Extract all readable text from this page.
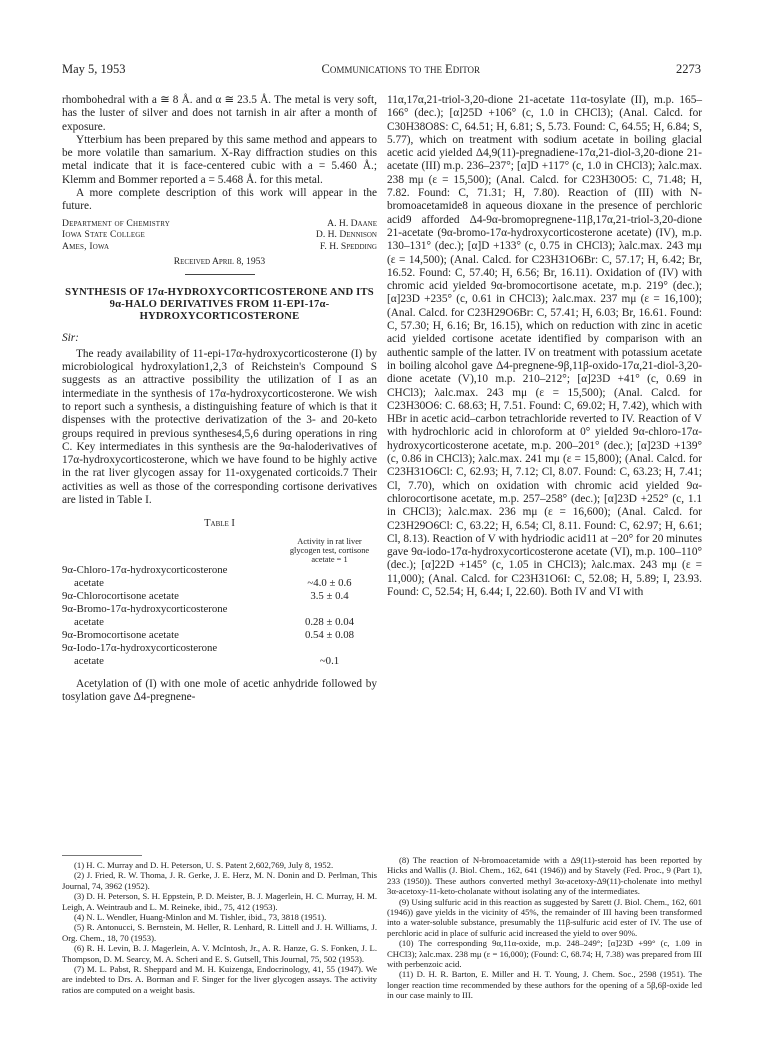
May 5, 1953	Communications to the Editor	2273

rhombohedral with a ≅ 8 Å. and α ≅ 23.5 Å. The metal is very soft, has the luster of silver and does not tarnish in air after a month of exposure.

Ytterbium has been prepared by this same method and appears to be more volatile than samarium. X-Ray diffraction studies on this metal indicate that it is face-centered cubic with a = 5.460 Å.; Klemm and Bommer reported a = 5.468 Å. for this metal.

A more complete description of this work will appear in the future.

Department of Chemistry
Iowa State College
Ames, Iowa
A. H. Daane
D. H. Dennison
F. H. Spedding
Received April 8, 1953
SYNTHESIS OF 17α-HYDROXYCORTICOSTERONE AND ITS 9α-HALO DERIVATIVES FROM 11-EPI-17α-HYDROXYCORTICOSTERONE
Sir:

The ready availability of 11-epi-17α-hydroxycorticosterone (I) by microbiological hydroxylation1,2,3 of Reichstein's Compound S suggests as an attractive possibility the utilization of I as an intermediate in the synthesis of 17α-hydroxycorticosterone. We wish to report such a synthesis, a distinguishing feature of which is that it dispenses with the protective derivatization of the 3- and 20-keto groups required in previous syntheses4,5,6 during operations in ring C. Key intermediates in this synthesis are the 9α-haloderivatives of 17α-hydroxycorticosterone, which we have found to be highly active in the rat liver glycogen assay for 11-oxygenated corticoids.7 Their activities as well as those of the corresponding cortisone derivatives are listed in Table I.

Table I
	Activity in rat liver glycogen test, cortisone acetate = 1
9α-Chloro-17α-hydroxycorticosterone	
acetate	~4.0 ± 0.6
9α-Chlorocortisone acetate	3.5 ± 0.4
9α-Bromo-17α-hydroxycorticosterone	
acetate	0.28 ± 0.04
9α-Bromocortisone acetate	0.54 ± 0.08
9α-Iodo-17α-hydroxycorticosterone	
acetate	~0.1

Acetylation of (I) with one mole of acetic anhydride followed by tosylation gave Δ4-pregnene-

11α,17α,21-triol-3,20-dione 21-acetate 11α-tosylate (II), m.p. 165–166° (dec.); [α]25D +106° (c, 1.0 in CHCl3); (Anal. Calcd. for C30H38O8S: C, 64.51; H, 6.81; S, 5.73. Found: C, 64.55; H, 6.84; S, 5.77), which on treatment with sodium acetate in boiling glacial acetic acid yielded Δ4,9(11)-pregnadiene-17α,21-diol-3,20-dione 21-acetate (III) m.p. 236–237°; [α]D +117° (c, 1.0 in CHCl3); λalc.max. 238 mμ (ε = 15,500); (Anal. Calcd. for C23H30O5: C, 71.48; H, 7.82. Found: C, 71.31; H, 7.80). Reaction of (III) with N-bromoacetamide8 in aqueous dioxane in the presence of perchloric acid9 afforded Δ4-9α-bromopregnene-11β,17α,21-triol-3,20-dione 21-acetate (9α-bromo-17α-hydroxycorticosterone acetate) (IV), m.p. 130–131° (dec.); [α]D +133° (c, 0.75 in CHCl3); λalc.max. 243 mμ (ε = 14,500); (Anal. Calcd. for C23H31O6Br: C, 57.17; H, 6.42; Br, 16.52. Found: C, 57.40; H, 6.56; Br, 16.11). Oxidation of (IV) with chromic acid yielded 9α-bromocortisone acetate, m.p. 219° (dec.); [α]23D +235° (c, 0.61 in CHCl3); λalc.max. 237 mμ (ε = 16,100); (Anal. Calcd. for C23H29O6Br: C, 57.41; H, 6.03; Br, 16.61. Found: C, 57.30; H, 6.16; Br, 16.15), which on reduction with zinc in acetic acid yielded cortisone acetate identified by comparison with an authentic sample of the latter. IV on treatment with potassium acetate in boiling alcohol gave Δ4-pregnene-9β,11β-oxido-17α,21-diol-3,20-dione acetate (V),10 m.p. 210–212°; [α]23D +41° (c, 0.69 in CHCl3); λalc.max. 243 mμ (ε = 15,500); (Anal. Calcd. for C23H30O6: C. 68.63; H, 7.51. Found: C, 69.02; H, 7.42), which with HBr in acetic acid–carbon tetrachloride reverted to IV. Reaction of V with hydrochloric acid in chloroform at 0° yielded 9α-chloro-17α-hydroxycorticosterone acetate, m.p. 200–201° (dec.); [α]23D +139° (c, 0.86 in CHCl3); λalc.max. 241 mμ (ε = 15,800); (Anal. Calcd. for C23H31O6Cl: C, 62.93; H, 7.12; Cl, 8.07. Found: C, 63.23; H, 7.41; Cl, 7.70), which on oxidation with chromic acid yielded 9α-chlorocortisone acetate, m.p. 257–258° (dec.); [α]23D +252° (c, 1.1 in CHCl3); λalc.max. 236 mμ (ε = 16,600); (Anal. Calcd. for C23H29O6Cl: C, 63.22; H, 6.54; Cl, 8.11. Found: C, 62.97; H, 6.61; Cl, 8.13). Reaction of V with hydriodic acid11 at −20° for 20 minutes gave 9α-iodo-17α-hydroxycorticosterone acetate (VI), m.p. 100–110° (dec.); [α]22D +145° (c, 1.05 in CHCl3); λalc.max. 243 mμ (ε = 11,000); (Anal. Calcd. for C23H31O6I: C, 52.08; H, 5.89; I, 23.93. Found: C, 52.54; H, 6.44; I, 22.60). Both IV and VI with

(1) H. C. Murray and D. H. Peterson, U. S. Patent 2,602,769, July 8, 1952.

(2) J. Fried, R. W. Thoma, J. R. Gerke, J. E. Herz, M. N. Donin and D. Perlman, This Journal, 74, 3962 (1952).

(3) D. H. Peterson, S. H. Eppstein, P. D. Meister, B. J. Magerlein, H. C. Murray, H. M. Leigh, A. Weintraub and L. M. Reineke, ibid., 75, 412 (1953).

(4) N. L. Wendler, Huang-Minlon and M. Tishler, ibid., 73, 3818 (1951).

(5) R. Antonucci, S. Bernstein, M. Heller, R. Lenhard, R. Littell and J. H. Williams, J. Org. Chem., 18, 70 (1953).

(6) R. H. Levin, B. J. Magerlein, A. V. McIntosh, Jr., A. R. Hanze, G. S. Fonken, J. L. Thompson, D. M. Searcy, M. A. Scheri and E. S. Gutsell, This Journal, 75, 502 (1953).

(7) M. L. Pabst, R. Sheppard and M. H. Kuizenga, Endocrinology, 41, 55 (1947). We are indebted to Drs. A. Borman and F. Singer for the liver glycogen assays. The activity ratios are computed on a weight basis.

(8) The reaction of N-bromoacetamide with a Δ9(11)-steroid has been reported by Hicks and Wallis (J. Biol. Chem., 162, 641 (1946)) and by Stavely (Fed. Proc., 9 (Part 1), 233 (1950)). These authors converted methyl 3α-acetoxy-Δ9(11)-cholenate into methyl 3α-acetoxy-11-keto-cholanate without isolating any of the intermediates.

(9) Using sulfuric acid in this reaction as suggested by Sarett (J. Biol. Chem., 162, 601 (1946)) gave yields in the vicinity of 45%, the remainder of III having been transformed into a water-soluble substance, presumably the 11β-sulfuric acid ester of IV. The use of perchloric acid in place of sulfuric acid increased the yield to over 90%.

(10) The corresponding 9α,11α-oxide, m.p. 248–249°; [α]23D +99° (c, 1.09 in CHCl3); λalc.max. 238 mμ (ε = 16,000); (Found: C, 68.74; H, 7.38) was prepared from III with perbenzoic acid.

(11) D. H. R. Barton, E. Miller and H. T. Young, J. Chem. Soc., 2598 (1951). The longer reaction time recommended by these authors for the opening of a 5β,6β-oxide led in our case mainly to III.
